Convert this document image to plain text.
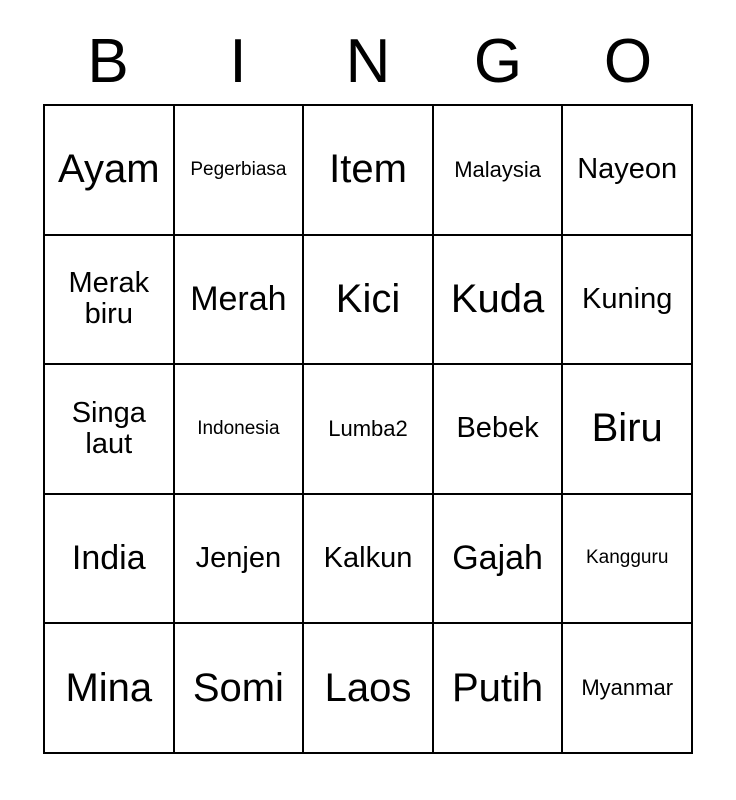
B	I	N	G	O
Ayam Pegerbiasa Item Malaysia Nayeon
Merak biru	Merah Kici Kuda Kuning
Singa laut	Indonesia Lumba2 Bebek Biru
India Jenjen Kalkun Gajah Kangguru
Mina Somi Laos Putih Myanmar
